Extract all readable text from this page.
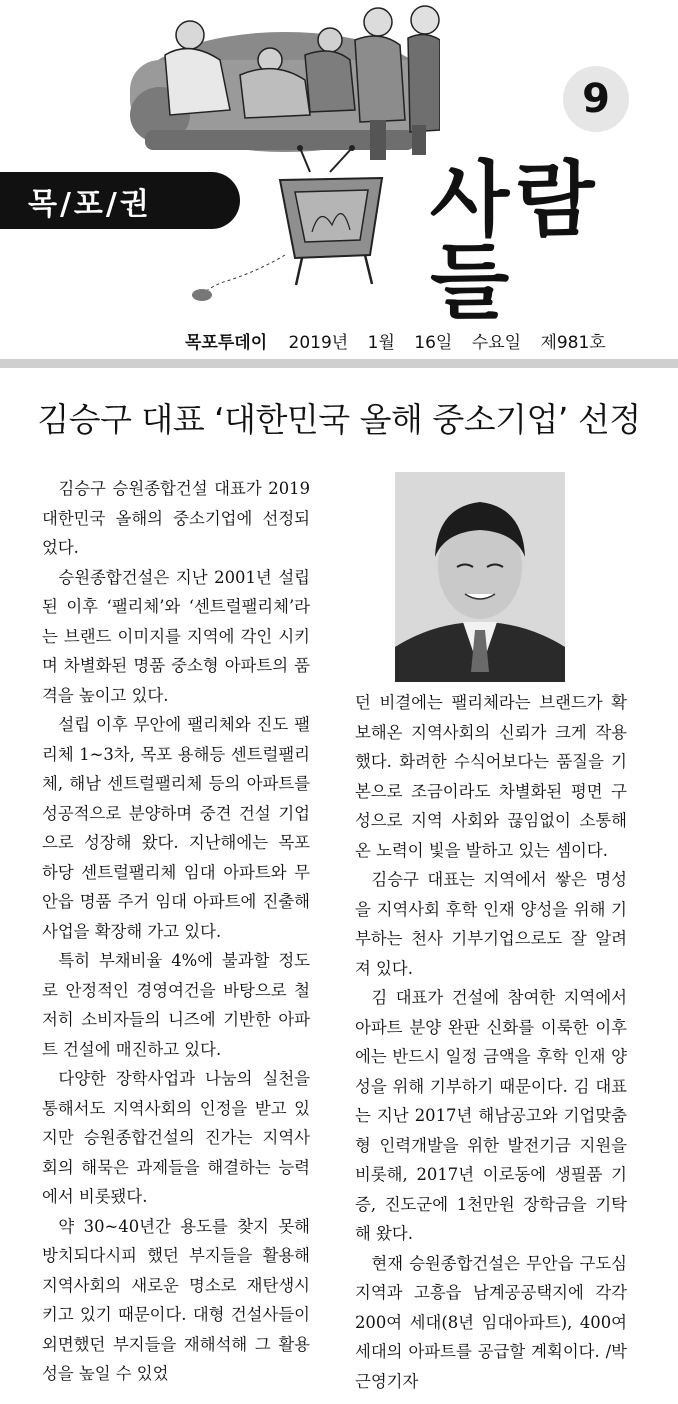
9
목/포/권	사람들
목포투데이 2019년 1월 16일 수요일 제981호
김승구 대표 ‘대한민국 올해 중소기업’ 선정

김승구 승원종합건설 대표가 2019 대한민국 올해의 중소기업에 선정되었다.

승원종합건설은 지난 2001년 설립된 이후 ‘팰리체’와 ‘센트럴팰리체’라는 브랜드 이미지를 지역에 각인 시키며 차별화된 명품 중소형 아파트의 품격을 높이고 있다.

설립 이후 무안에 팰리체와 진도 팰리체 1~3차, 목포 용해등 센트럴팰리체, 해남 센트럴팰리체 등의 아파트를 성공적으로 분양하며 중견 건설 기업으로 성장해 왔다. 지난해에는 목포 하당 센트럴팰리체 임대 아파트와 무안읍 명품 주거 임대 아파트에 진출해 사업을 확장해 가고 있다.

특히 부채비율 4%에 불과할 정도로 안정적인 경영여건을 바탕으로 철저히 소비자들의 니즈에 기반한 아파트 건설에 매진하고 있다.

다양한 장학사업과 나눔의 실천을 통해서도 지역사회의 인정을 받고 있지만 승원종합건설의 진가는 지역사회의 해묵은 과제들을 해결하는 능력에서 비롯됐다.

약 30~40년간 용도를 찾지 못해 방치되다시피 했던 부지들을 활용해 지역사회의 새로운 명소로 재탄생시키고 있기 때문이다. 대형 건설사들이 외면했던 부지들을 재해석해 그 활용성을 높일 수 있었

던 비결에는 팰리체라는 브랜드가 확보해온 지역사회의 신뢰가 크게 작용했다. 화려한 수식어보다는 품질을 기본으로 조금이라도 차별화된 평면 구성으로 지역 사회와 끊임없이 소통해 온 노력이 빛을 발하고 있는 셈이다.

김승구 대표는 지역에서 쌓은 명성을 지역사회 후학 인재 양성을 위해 기부하는 천사 기부기업으로도 잘 알려져 있다.

김 대표가 건설에 참여한 지역에서 아파트 분양 완판 신화를 이룩한 이후에는 반드시 일정 금액을 후학 인재 양성을 위해 기부하기 때문이다. 김 대표는 지난 2017년 해남공고와 기업맞춤형 인력개발을 위한 발전기금 지원을 비롯해, 2017년 이로동에 생필품 기증, 진도군에 1천만원 장학금을 기탁해 왔다.

현재 승원종합건설은 무안읍 구도심 지역과 고흥읍 남계공공택지에 각각 200여 세대(8년 임대아파트), 400여 세대의 아파트를 공급할 계획이다. /박근영기자
